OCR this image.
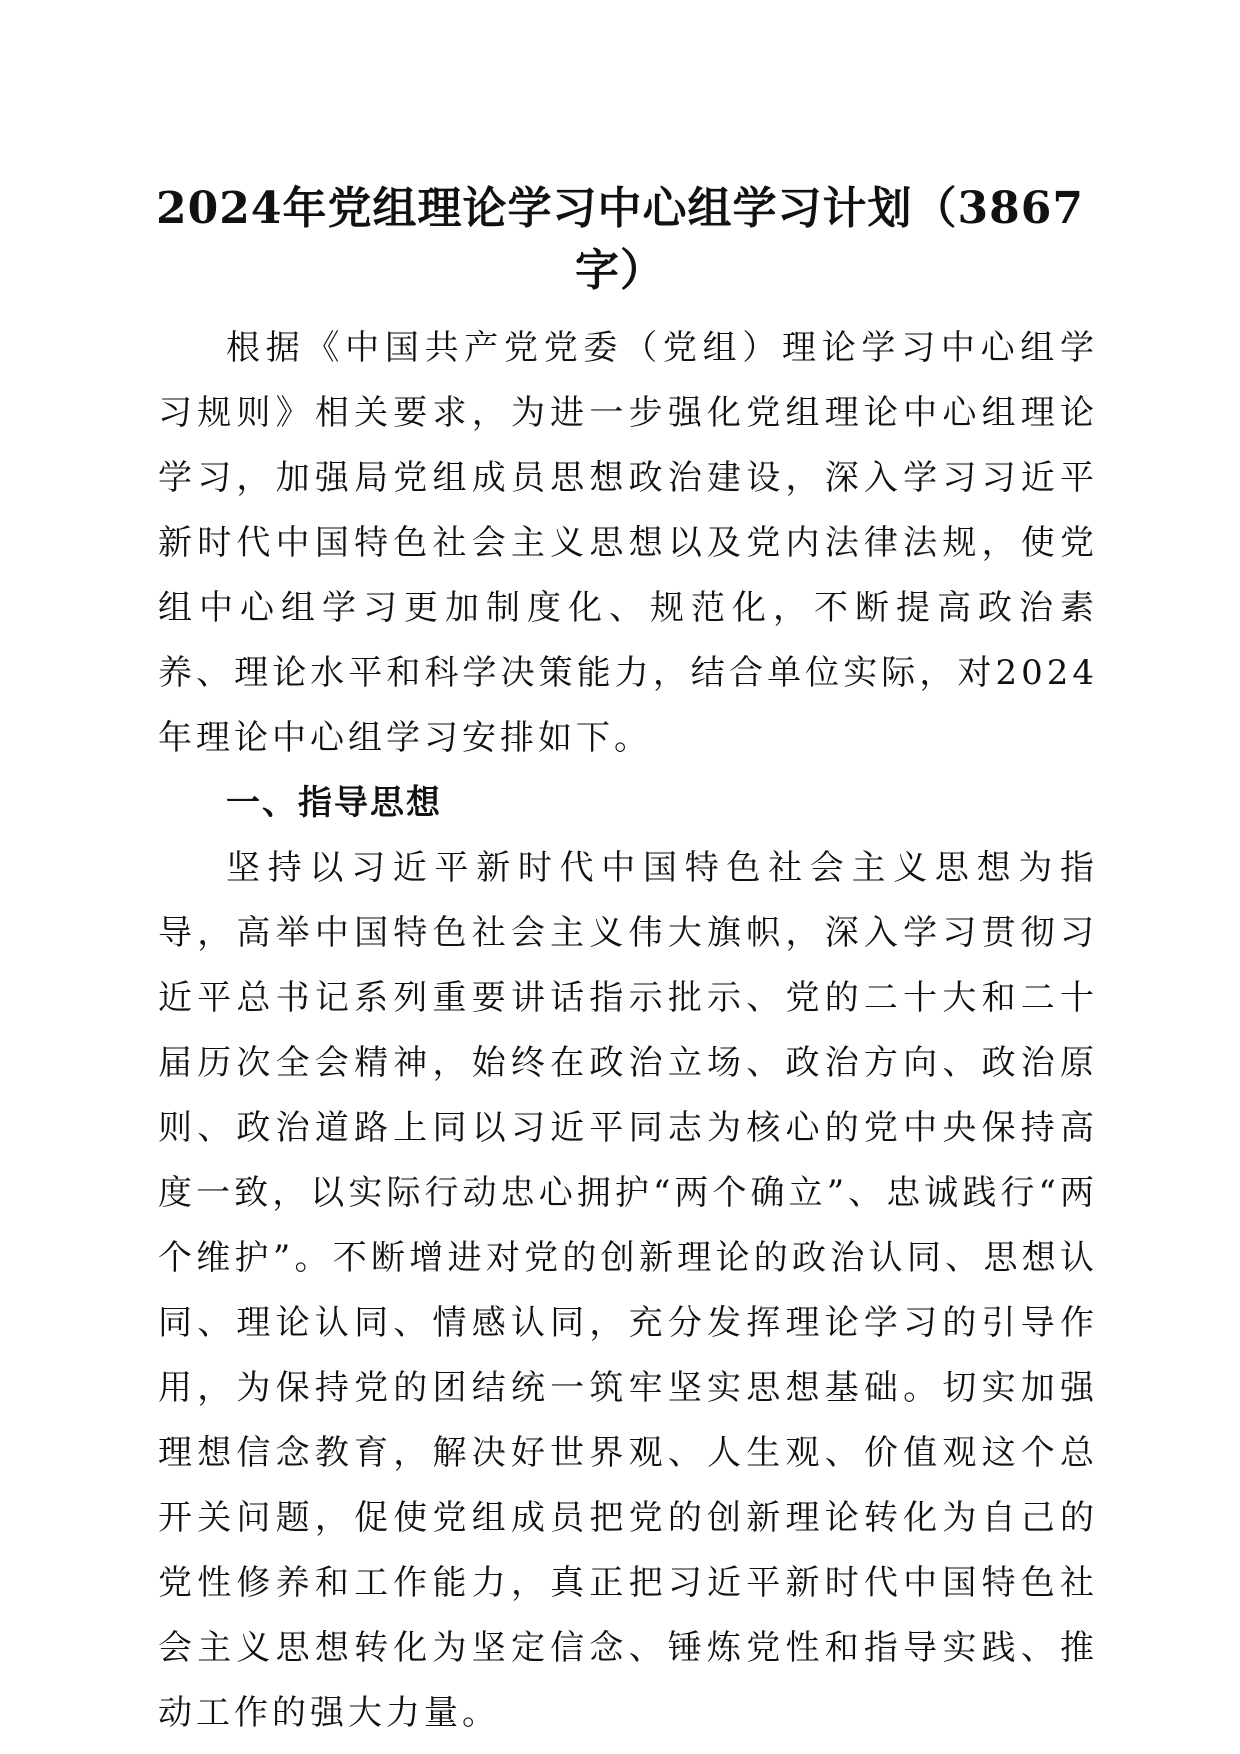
2024年党组理论学习中心组学习计划（3867字）

根据《中国共产党党委（党组）理论学习中心组学习规则》相关要求，为进一步强化党组理论中心组理论学习，加强局党组成员思想政治建设，深入学习习近平新时代中国特色社会主义思想以及党内法律法规，使党组中心组学习更加制度化、规范化，不断提高政治素养、理论水平和科学决策能力，结合单位实际，对2024年理论中心组学习安排如下。

一、指导思想

坚持以习近平新时代中国特色社会主义思想为指导，高举中国特色社会主义伟大旗帜，深入学习贯彻习近平总书记系列重要讲话指示批示、党的二十大和二十届历次全会精神，始终在政治立场、政治方向、政治原则、政治道路上同以习近平同志为核心的党中央保持高度一致，以实际行动忠心拥护“两个确立”、忠诚践行“两个维护”。不断增进对党的创新理论的政治认同、思想认同、理论认同、情感认同，充分发挥理论学习的引导作用，为保持党的团结统一筑牢坚实思想基础。切实加强理想信念教育，解决好世界观、人生观、价值观这个总开关问题，促使党组成员把党的创新理论转化为自己的党性修养和工作能力，真正把习近平新时代中国特色社会主义思想转化为坚定信念、锤炼党性和指导实践、推动工作的强大力量。
